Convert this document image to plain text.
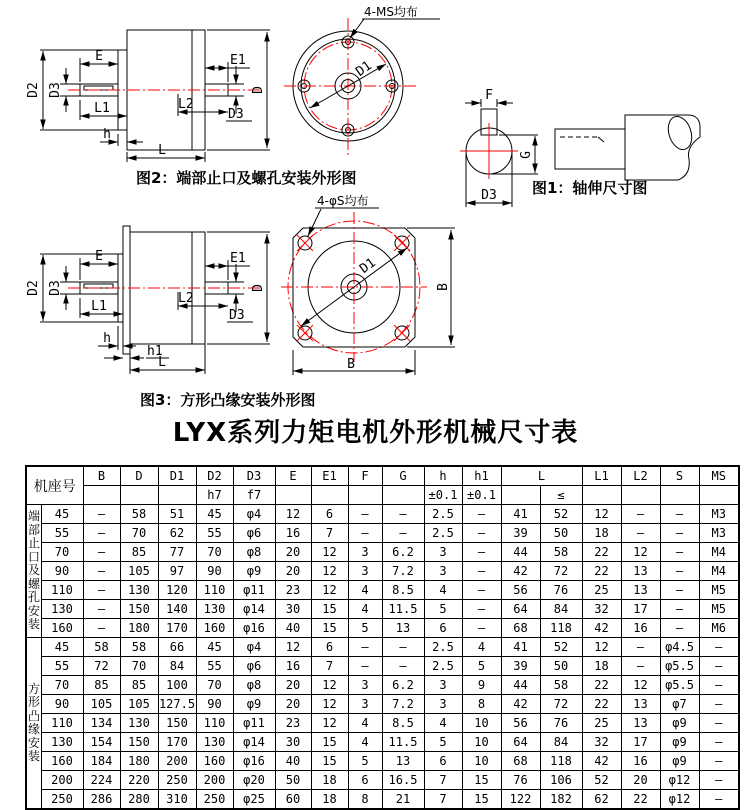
D2 D3
E
L1
h
L
D
E1
L2
D3
D1
4-MS均布
F
G
D3
D2 D3
E
L1
D
E1
L2
D3
h
h1
L
D1
B
B
4-φS均布
图2：端部止口及螺孔安装外形图
图1：轴伸尺寸图
图3：方形凸缘安装外形图
LYX系列力矩电机外形机械尺寸表
机座号		B	D	D1	D2	D3	E	E1	F	G	h	h1	L		L1	L2	S	MS
					h7	f7					±0.1	±0.1		≤				
端部止口及螺孔安装	45	–	58	51	45	φ4	12	6	–	–	2.5	–	41	52	12	–	–	M3
	55	–	70	62	55	φ6	16	7	–	–	2.5	–	39	50	18	–	–	M3
	70	–	85	77	70	φ8	20	12	3	6.2	3	–	44	58	22	12	–	M4
	90	–	105	97	90	φ9	20	12	3	7.2	3	–	42	72	22	13	–	M4
	110	–	130	120	110	φ11	23	12	4	8.5	4	–	56	76	25	13	–	M5
	130	–	150	140	130	φ14	30	15	4	11.5	5	–	64	84	32	17	–	M5
	160	–	180	170	160	φ16	40	15	5	13	6	–	68	118	42	16	–	M6
方形凸缘安装	45	58	58	66	45	φ4	12	6	–	–	2.5	4	41	52	12	–	φ4.5	–
	55	72	70	84	55	φ6	16	7	–	–	2.5	5	39	50	18	–	φ5.5	–
	70	85	85	100	70	φ8	20	12	3	6.2	3	9	44	58	22	12	φ5.5	–
	90	105	105	127.5	90	φ9	20	12	3	7.2	3	8	42	72	22	13	φ7	–
	110	134	130	150	110	φ11	23	12	4	8.5	4	10	56	76	25	13	φ9	–
	130	154	150	170	130	φ14	30	15	4	11.5	5	10	64	84	32	17	φ9	–
	160	184	180	200	160	φ16	40	15	5	13	6	10	68	118	42	16	φ9	–
	200	224	220	250	200	φ20	50	18	6	16.5	7	15	76	106	52	20	φ12	–
	250	286	280	310	250	φ25	60	18	8	21	7	15	122	182	62	22	φ12	–
